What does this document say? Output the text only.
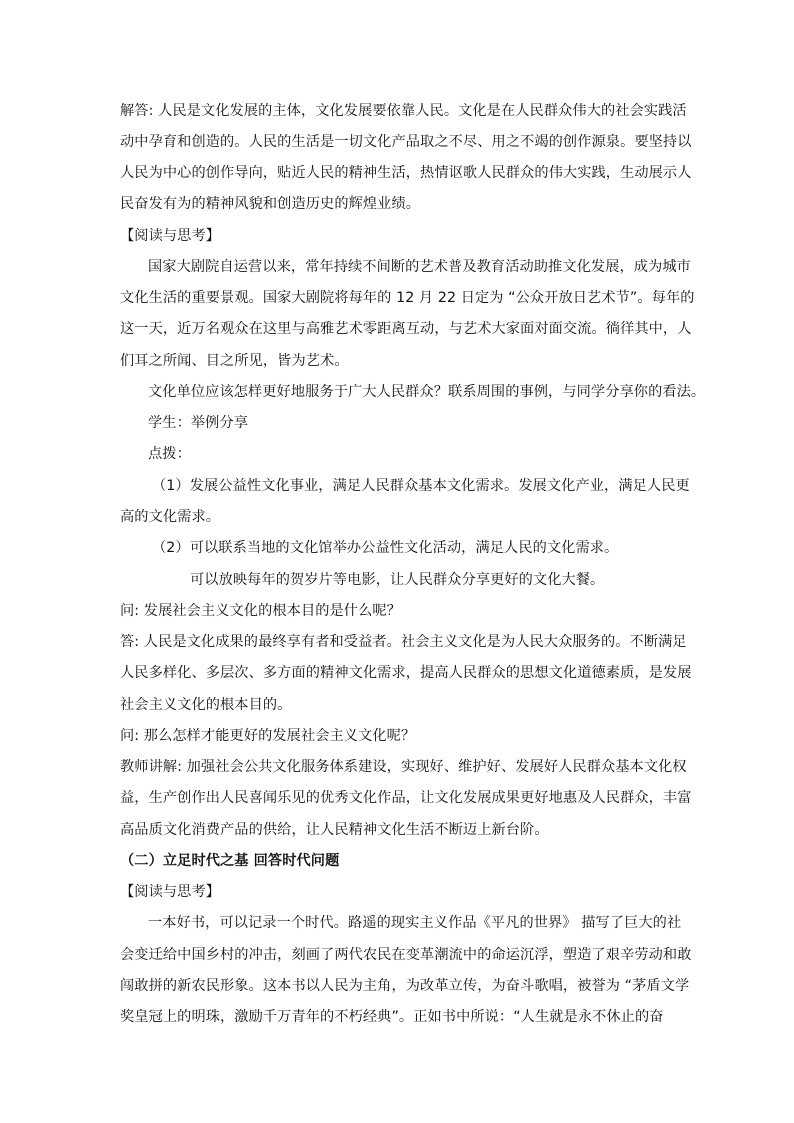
解答: 人民是文化发展的主体，文化发展要依靠人民。文化是在人民群众伟大的社会实践活
动中孕育和创造的。人民的生活是一切文化产品取之不尽、用之不竭的创作源泉。要坚持以
人民为中心的创作导向，贴近人民的精神生活，热情讴歌人民群众的伟大实践，生动展示人
民奋发有为的精神风貌和创造历史的辉煌业绩。
【阅读与思考】
国家大剧院自运营以来，常年持续不间断的艺术普及教育活动助推文化发展，成为城市
文化生活的重要景观。国家大剧院将每年的 12 月 22 日定为 “公众开放日艺术节”。每年的
这一天，近万名观众在这里与高雅艺术零距离互动，与艺术大家面对面交流。徜徉其中，人
们耳之所闻、目之所见，皆为艺术。
文化单位应该怎样更好地服务于广大人民群众？联系周围的事例，与同学分享你的看法。
学生：举例分享
点拨：
（1）发展公益性文化事业，满足人民群众基本文化需求。发展文化产业，满足人民更
高的文化需求。
（2）可以联系当地的文化馆举办公益性文化活动，满足人民的文化需求。
可以放映每年的贺岁片等电影，让人民群众分享更好的文化大餐。
问: 发展社会主义文化的根本目的是什么呢？
答: 人民是文化成果的最终享有者和受益者。社会主义文化是为人民大众服务的。不断满足
人民多样化、多层次、多方面的精神文化需求，提高人民群众的思想文化道德素质，是发展
社会主义文化的根本目的。
问: 那么怎样才能更好的发展社会主义文化呢？
教师讲解: 加强社会公共文化服务体系建设，实现好、维护好、发展好人民群众基本文化权
益，生产创作出人民喜闻乐见的优秀文化作品，让文化发展成果更好地惠及人民群众，丰富
高品质文化消费产品的供给，让人民精神文化生活不断迈上新台阶。
（二）立足时代之基 回答时代问题
【阅读与思考】
一本好书，可以记录一个时代。路遥的现实主义作品《平凡的世界》 描写了巨大的社
会变迁给中国乡村的冲击，刻画了两代农民在变革潮流中的命运沉浮，塑造了艰辛劳动和敢
闯敢拼的新农民形象。这本书以人民为主角，为改革立传，为奋斗歌唱，被誉为 “茅盾文学
奖皇冠上的明珠，激励千万青年的不朽经典”。正如书中所说：“人生就是永不休止的奋
